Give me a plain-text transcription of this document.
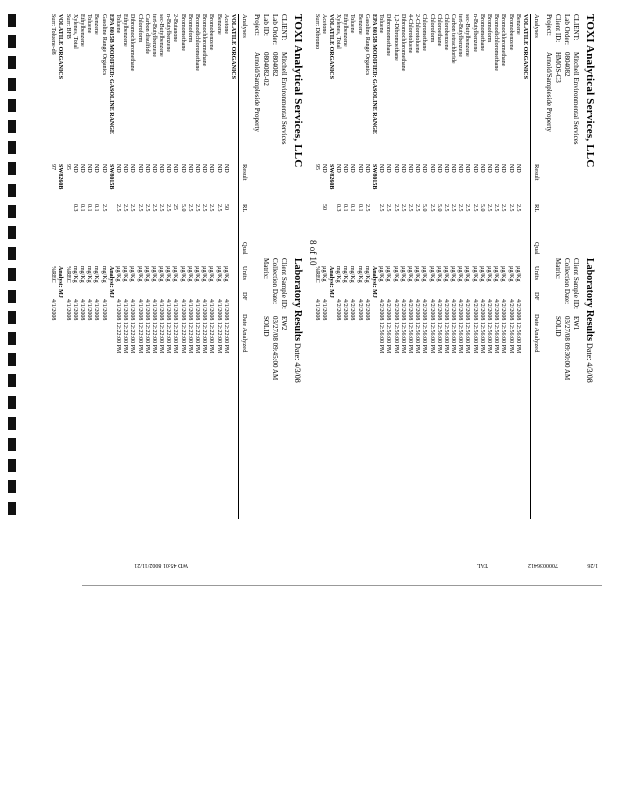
TOXI Analytical Services, LLC
Laboratory Results
Date: 4/3/08
CLIENT:Mitchell Environmental Services
Lab Order:0804082
Client ID:HMOS-C3
Project:Arnold/Sampleside Property
Client Sample ID:EW1
Collection Date:03/27/08 09:30:00 AM
Matrix:SOLID
Analyses
Result
RL
Qual
Units
DF
Date Analyzed
VOLATILE ORGANICS
Benzene
ND
2.5
µg/Kg
4/2/2008 12:56:00 PM
Bromobenzene
ND
2.5
µg/Kg
4/2/2008 12:56:00 PM
Bromochloromethane
ND
2.5
µg/Kg
4/2/2008 12:56:00 PM
Bromodichloromethane
ND
2.5
µg/Kg
4/2/2008 12:56:00 PM
Bromoform
ND
2.5
µg/Kg
4/2/2008 12:56:00 PM
Bromomethane
ND
5.0
µg/Kg
4/2/2008 12:56:00 PM
n-Butylbenzene
ND
2.5
µg/Kg
4/2/2008 12:56:00 PM
sec-Butylbenzene
ND
2.5
µg/Kg
4/2/2008 12:56:00 PM
tert-Butylbenzene
ND
2.5
µg/Kg
4/2/2008 12:56:00 PM
Carbon tetrachloride
ND
2.5
µg/Kg
4/2/2008 12:56:00 PM
Chlorobenzene
ND
2.5
µg/Kg
4/2/2008 12:56:00 PM
Chloroethane
ND
5.0
µg/Kg
4/2/2008 12:56:00 PM
Chloroform
ND
2.5
µg/Kg
4/2/2008 12:56:00 PM
Chloromethane
ND
5.0
µg/Kg
4/2/2008 12:56:00 PM
2-Chlorotoluene
ND
2.5
µg/Kg
4/2/2008 12:56:00 PM
4-Chlorotoluene
ND
2.5
µg/Kg
4/2/2008 12:56:00 PM
Dibromochloromethane
ND
2.5
µg/Kg
4/2/2008 12:56:00 PM
1,2-Dibromoethane
ND
2.5
µg/Kg
4/2/2008 12:56:00 PM
Dibromomethane
ND
2.5
µg/Kg
4/2/2008 12:56:00 PM
Toluene
ND
2.5
µg/Kg
4/2/2008 12:56:00 PM
EPA 8015B MODIFIED: GASOLINE RANGE
SW8015B
Analyst: MJ
Gasoline Range Organics
ND
2.5
mg/Kg
4/2/2008
Benzene
ND
0.1
mg/Kg
4/2/2008
Toluene
ND
0.1
mg/Kg
4/2/2008
Ethylbenzene
ND
0.1
mg/Kg
4/2/2008
Xylenes, Total
ND
0.3
mg/Kg
4/2/2008
VOLATILE ORGANICS
SW8260B
Analyst: MJ
Acetone
ND
50
µg/Kg
4/1/2008
Surr: Dibromo
95
%REC
4/1/2008
8 of 10
TOXI Analytical Services, LLC
Laboratory Results
Date: 4/3/08
CLIENT:Mitchell Environmental Services
Lab Order:0804082
Lab ID:0804082-02
Project:Arnold/Sampleside Property
Client Sample ID:EW2
Collection Date:03/27/08 09:45:00 AM
Matrix:SOLID
Analyses
Result
RL
Qual
Units
DF
Date Analyzed
VOLATILE ORGANICS
Acetone
ND
50
µg/Kg
4/1/2008 12:22:00 PM
Benzene
ND
2.5
µg/Kg
4/1/2008 12:22:00 PM
Bromobenzene
ND
2.5
µg/Kg
4/1/2008 12:22:00 PM
Bromochloromethane
ND
2.5
µg/Kg
4/1/2008 12:22:00 PM
Bromodichloromethane
ND
2.5
µg/Kg
4/1/2008 12:22:00 PM
Bromoform
ND
2.5
µg/Kg
4/1/2008 12:22:00 PM
Bromomethane
ND
5.0
µg/Kg
4/1/2008 12:22:00 PM
2-Butanone
ND
25
µg/Kg
4/1/2008 12:22:00 PM
n-Butylbenzene
ND
2.5
µg/Kg
4/1/2008 12:22:00 PM
sec-Butylbenzene
ND
2.5
µg/Kg
4/1/2008 12:22:00 PM
tert-Butylbenzene
ND
2.5
µg/Kg
4/1/2008 12:22:00 PM
Carbon disulfide
ND
2.5
µg/Kg
4/1/2008 12:22:00 PM
Chloroform
ND
2.5
µg/Kg
4/1/2008 12:22:00 PM
Dibromochloromethane
ND
2.5
µg/Kg
4/1/2008 12:22:00 PM
Ethylbenzene
ND
2.5
µg/Kg
4/1/2008 12:22:00 PM
Toluene
ND
2.5
µg/Kg
4/1/2008 12:22:00 PM
EPA 8015B MODIFIED: GASOLINE RANGE
SW8015B
Analyst: MJ
Gasoline Range Organics
ND
2.5
mg/Kg
4/1/2008
Benzene
ND
0.1
mg/Kg
4/1/2008
Toluene
ND
0.1
mg/Kg
4/1/2008
Ethylbenzene
ND
0.1
mg/Kg
4/1/2008
Xylenes, Total
ND
0.3
mg/Kg
4/1/2008
Surr: BFB
95
%REC
4/1/2008
VOLATILE ORGANICS
SW8260B
Analyst: MJ
Surr: Toluene-d8
97
%REC
4/1/2008
1/26
7000036412
TAL
WD 45:01 8002/11/21
